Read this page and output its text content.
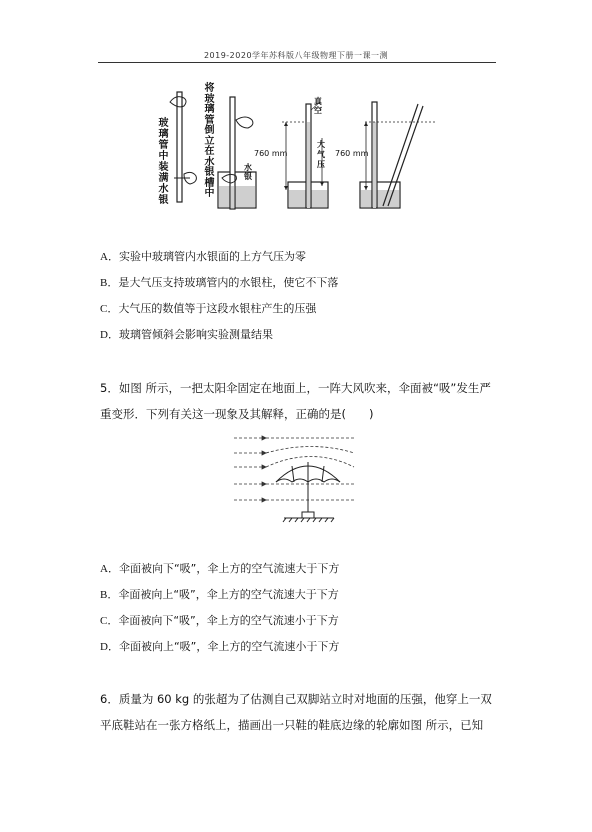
2019-2020学年苏科版八年级物理下册一课一测
玻璃管中装满水银
将玻璃管倒立在水银槽中
水银
真空
760 mm
大气压
760 mm
A．实验中玻璃管内水银面的上方气压为零
B．是大气压支持玻璃管内的水银柱，使它不下落
C．大气压的数值等于这段水银柱产生的压强
D．玻璃管倾斜会影响实验测量结果
5．如图 所示，一把太阳伞固定在地面上，一阵大风吹来，伞面被“吸”发生严
重变形．下列有关这一现象及其解释，正确的是(　　)
A．伞面被向下“吸”，伞上方的空气流速大于下方
B．伞面被向上“吸”，伞上方的空气流速大于下方
C．伞面被向下“吸”，伞上方的空气流速小于下方
D．伞面被向上“吸”，伞上方的空气流速小于下方
6．质量为 60 kg 的张超为了估测自己双脚站立时对地面的压强，他穿上一双
平底鞋站在一张方格纸上，描画出一只鞋的鞋底边缘的轮廓如图 所示，已知
